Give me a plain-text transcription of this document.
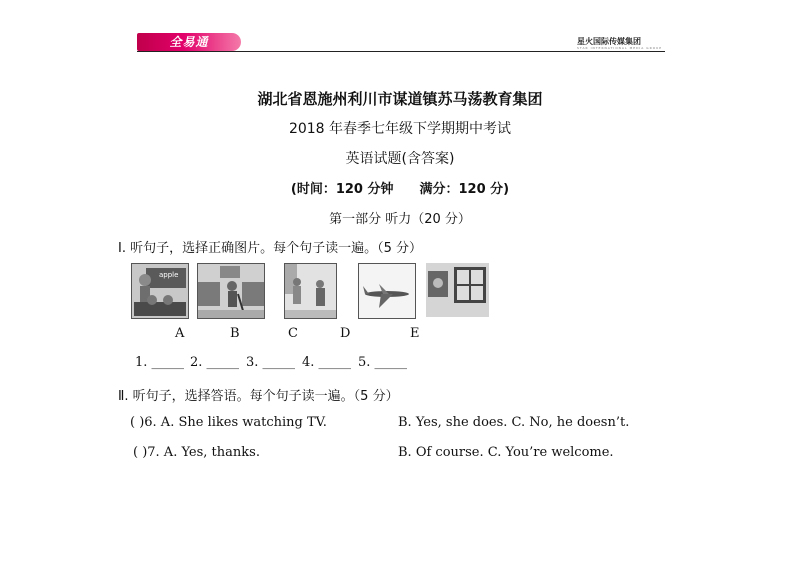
全易通	星火国际传媒集团
STAR INTERNATIONAL MEDIA GROUP
湖北省恩施州利川市谋道镇苏马荡教育集团
2018 年春季七年级下学期期中考试
英语试题(含答案)
(时间：120 分钟　　满分：120 分)
第一部分 听力（20 分）
Ⅰ. 听句子，选择正确图片。每个句子读一遍。（5 分）
apple
A	B	C	D	E
1. _____ 2. _____ 3. _____ 4. _____ 5. _____
Ⅱ. 听句子，选择答语。每个句子读一遍。（5 分）
( )6. A. She likes watching TV.	B. Yes, she does. C. No, he doesn’t.
( )7. A. Yes, thanks.	B. Of course. C. You’re welcome.
